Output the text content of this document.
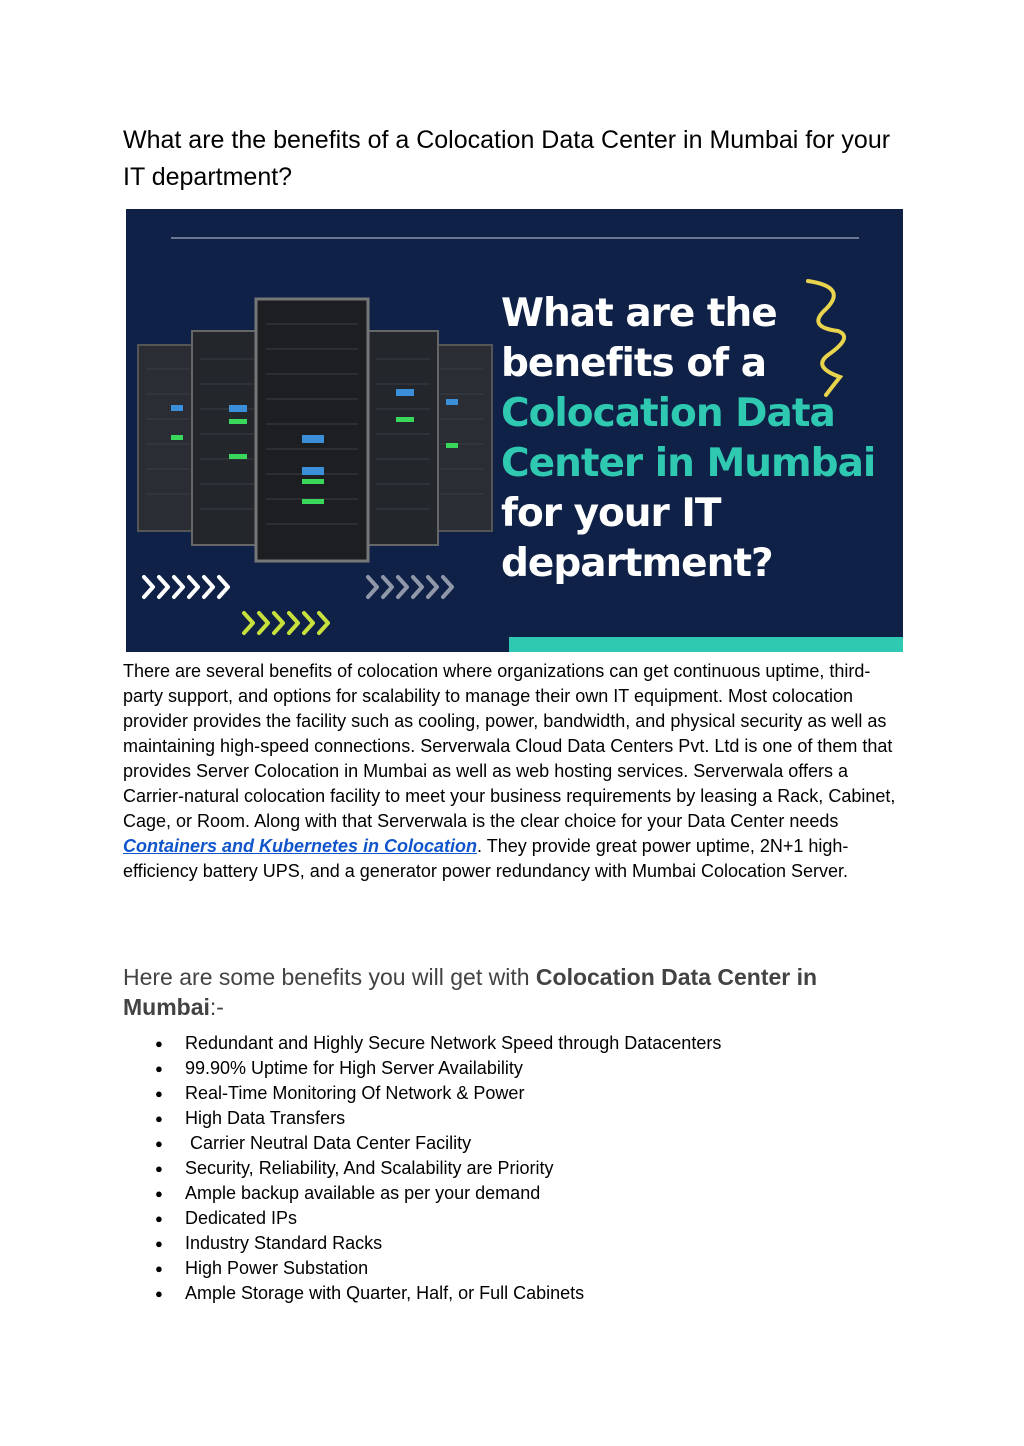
What are the benefits of a Colocation Data Center in Mumbai for your IT department?
What are the
benefits of a
Colocation Data
Center in Mumbai
for your IT
department?

There are several benefits of colocation where organizations can get continuous uptime, third-party support, and options for scalability to manage their own IT equipment. Most colocation provider provides the facility such as cooling, power, bandwidth, and physical security as well as maintaining high-speed connections. Serverwala Cloud Data Centers Pvt. Ltd is one of them that provides Server Colocation in Mumbai as well as web hosting services. Serverwala offers a Carrier-natural colocation facility to meet your business requirements by leasing a Rack, Cabinet, Cage, or Room. Along with that Serverwala is the clear choice for your Data Center needs Containers and Kubernetes in Colocation. They provide great power uptime, 2N+1 high-efficiency battery UPS, and a generator power redundancy with Mumbai Colocation Server.

Here are some benefits you will get with Colocation Data Center in Mumbai:-
● Redundant and Highly Secure Network Speed through Datacenters
● 99.90% Uptime for High Server Availability
● Real-Time Monitoring Of Network & Power
● High Data Transfers
● Carrier Neutral Data Center Facility
● Security, Reliability, And Scalability are Priority
● Ample backup available as per your demand
● Dedicated IPs
● Industry Standard Racks
● High Power Substation
● Ample Storage with Quarter, Half, or Full Cabinets
